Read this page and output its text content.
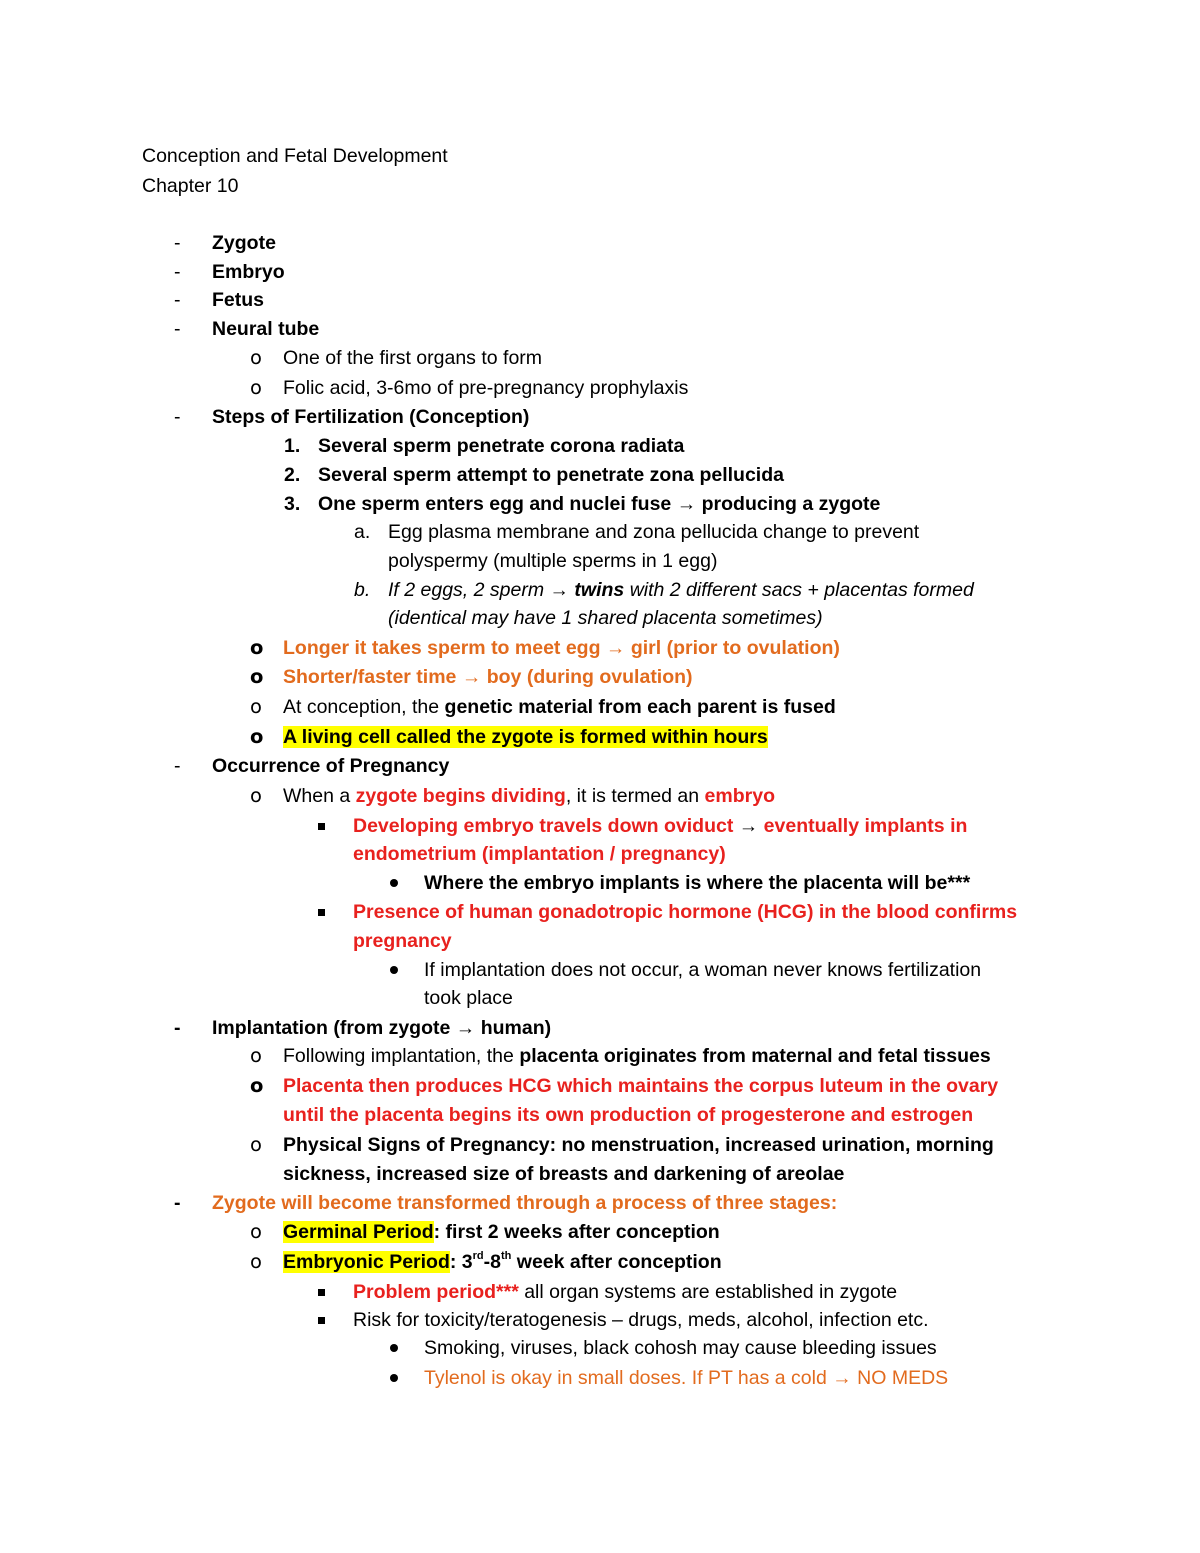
Conception and Fetal Development
Chapter 10
-	Zygote
-	Embryo
-	Fetus
-	Neural tube
o	One of the first organs to form
o	Folic acid, 3-6mo of pre-pregnancy prophylaxis
-	Steps of Fertilization (Conception)
1. Several sperm penetrate corona radiata
2. Several sperm attempt to penetrate zona pellucida
3. One sperm enters egg and nuclei fuse → producing a zygote
a. Egg plasma membrane and zona pellucida change to prevent
polyspermy (multiple sperms in 1 egg)
b. If 2 eggs, 2 sperm → twins with 2 different sacs + placentas formed
(identical may have 1 shared placenta sometimes)
o	Longer it takes sperm to meet egg → girl (prior to ovulation)
o	Shorter/faster time → boy (during ovulation)
o	At conception, the genetic material from each parent is fused
o	A living cell called the zygote is formed within hours
-	Occurrence of Pregnancy
o	When a zygote begins dividing, it is termed an embryo
Developing embryo travels down oviduct → eventually implants in
endometrium (implantation / pregnancy)
Where the embryo implants is where the placenta will be***
Presence of human gonadotropic hormone (HCG) in the blood confirms
pregnancy
If implantation does not occur, a woman never knows fertilization
took place
-	Implantation (from zygote → human)
o	Following implantation, the placenta originates from maternal and fetal tissues
o	Placenta then produces HCG which maintains the corpus luteum in the ovary
until the placenta begins its own production of progesterone and estrogen
o	Physical Signs of Pregnancy: no menstruation, increased urination, morning
sickness, increased size of breasts and darkening of areolae
-	Zygote will become transformed through a process of three stages:
o	Germinal Period: first 2 weeks after conception
o	Embryonic Period: 3rd-8th week after conception
Problem period*** all organ systems are established in zygote
Risk for toxicity/teratogenesis – drugs, meds, alcohol, infection etc.
Smoking, viruses, black cohosh may cause bleeding issues
Tylenol is okay in small doses. If PT has a cold → NO MEDS
